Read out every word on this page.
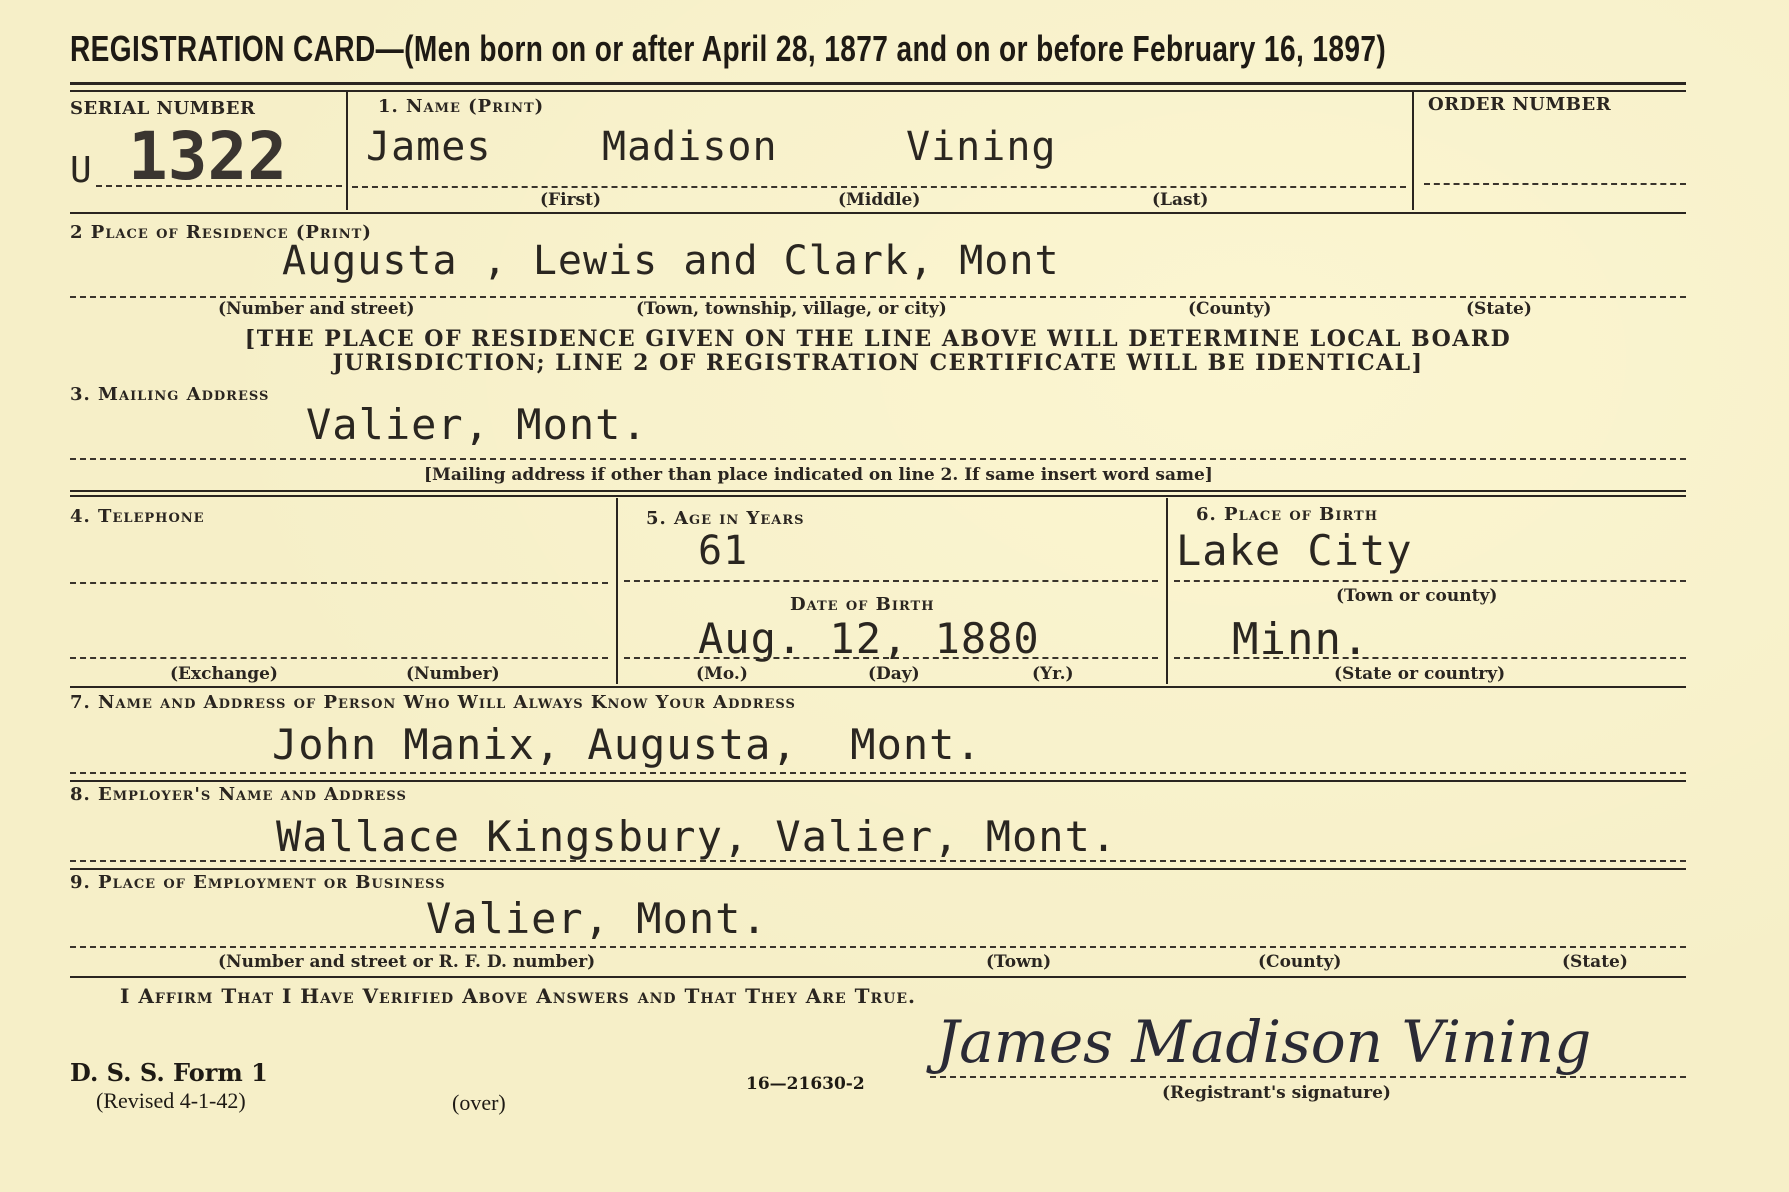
REGISTRATION CARD—(Men born on or after April 28, 1877 and on or before February 16, 1897)
SERIAL NUMBER
U 1322
1. Name (Print)
James	Madison	Vining
(First)	(Middle)	(Last)
ORDER NUMBER
2 Place of Residence (Print)
Augusta , Lewis and Clark, Mont
(Number and street)	(Town, township, village, or city)	(County)	(State)
[THE PLACE OF RESIDENCE GIVEN ON THE LINE ABOVE WILL DETERMINE LOCAL BOARD
JURISDICTION; LINE 2 OF REGISTRATION CERTIFICATE WILL BE IDENTICAL]
3. Mailing Address
Valier, Mont.
[Mailing address if other than place indicated on line 2. If same insert word same]
4. Telephone
(Exchange)	(Number)
5. Age in Years
61
Date of Birth
Aug. 12, 1880
(Mo.)	(Day)	(Yr.)
6. Place of Birth
Lake City
(Town or county)
Minn.
(State or country)
7. Name and Address of Person Who Will Always Know Your Address
John Manix, Augusta,  Mont.
8. Employer's Name and Address
Wallace Kingsbury, Valier, Mont.
9. Place of Employment or Business
Valier, Mont.
(Number and street or R. F. D. number)	(Town)	(County)	(State)
I Affirm That I Have Verified Above Answers and That They Are True.
D. S. S. Form 1
(Revised 4-1-42)	(over)
16—21630-2
James Madison Vining
(Registrant's signature)
